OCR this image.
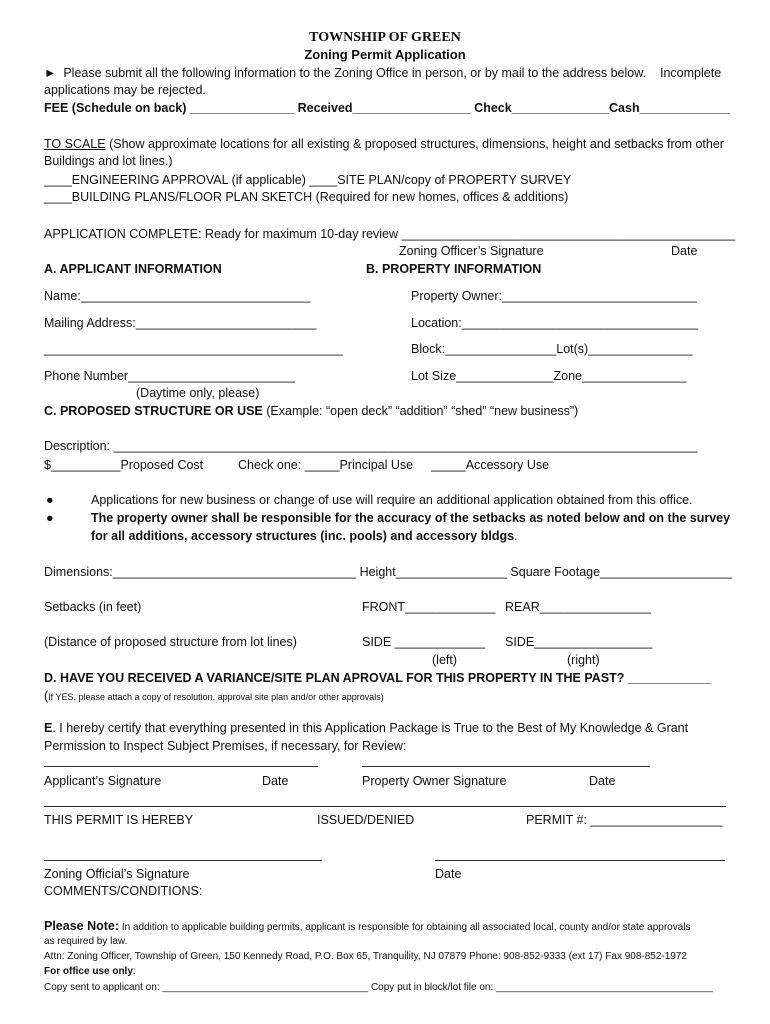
TOWNSHIP OF GREEN
Zoning Permit Application
► Please submit all the following information to the Zoning Office in person, or by mail to the address below. Incomplete
applications may be rejected.
FEE (Schedule on back) _______________ Received_________________ Check______________Cash_____________
TO SCALE (Show approximate locations for all existing & proposed structures, dimensions, height and setbacks from other
Buildings and lot lines.)
____ENGINEERING APPROVAL (if applicable) ____SITE PLAN/copy of PROPERTY SURVEY
____BUILDING PLANS/FLOOR PLAN SKETCH (Required for new homes, offices & additions)
APPLICATION COMPLETE: Ready for maximum 10-day review ________________________________________________
Zoning Officer’s Signature	Date
A. APPLICANT INFORMATION	B. PROPERTY INFORMATION
Name:_________________________________	Property Owner:____________________________
Mailing Address:__________________________	Location:__________________________________
___________________________________________	Block:________________Lot(s)_______________
Phone Number________________________	Lot Size______________Zone_______________
(Daytime only, please)
C. PROPOSED STRUCTURE OR USE (Example: “open deck” “addition” “shed” “new business”)
Description: ____________________________________________________________________________________
$__________Proposed Cost	Check one: _____Principal Use _____Accessory Use
●	Applications for new business or change of use will require an additional application obtained from this office.
●	The property owner shall be responsible for the accuracy of the setbacks as noted below and on the survey
for all additions, accessory structures (inc. pools) and accessory bldgs.
Dimensions:___________________________________ Height________________ Square Footage___________________
Setbacks (in feet)	FRONT_____________ REAR________________
(Distance of proposed structure from lot lines)	SIDE _____________ SIDE_________________
(left)	(right)
D. HAVE YOU RECEIVED A VARIANCE/SITE PLAN APROVAL FOR THIS PROPERTY IN THE PAST? ____________
(If YES, please attach a copy of resolution, approval site plan and/or other approvals)
E. I hereby certify that everything presented in this Application Package is True to the Best of My Knowledge & Grant
Permission to Inspect Subject Premises, if necessary, for Review:
Applicant’s Signature	Date	Property Owner Signature	Date
THIS PERMIT IS HEREBY	ISSUED/DENIED	PERMIT #: ___________________
Zoning Official’s Signature	Date
COMMENTS/CONDITIONS:
Please Note: In addition to applicable building permits, applicant is responsible for obtaining all associated local, county and/or state approvals
as required by law.
Attn: Zoning Officer, Township of Green, 150 Kennedy Road, P.O. Box 65, Tranquility, NJ 07879 Phone: 908-852-9333 (ext 17) Fax 908-852-1972
For office use only:
Copy sent to applicant on: _____________________________________ Copy put in block/lot file on: _______________________________________
